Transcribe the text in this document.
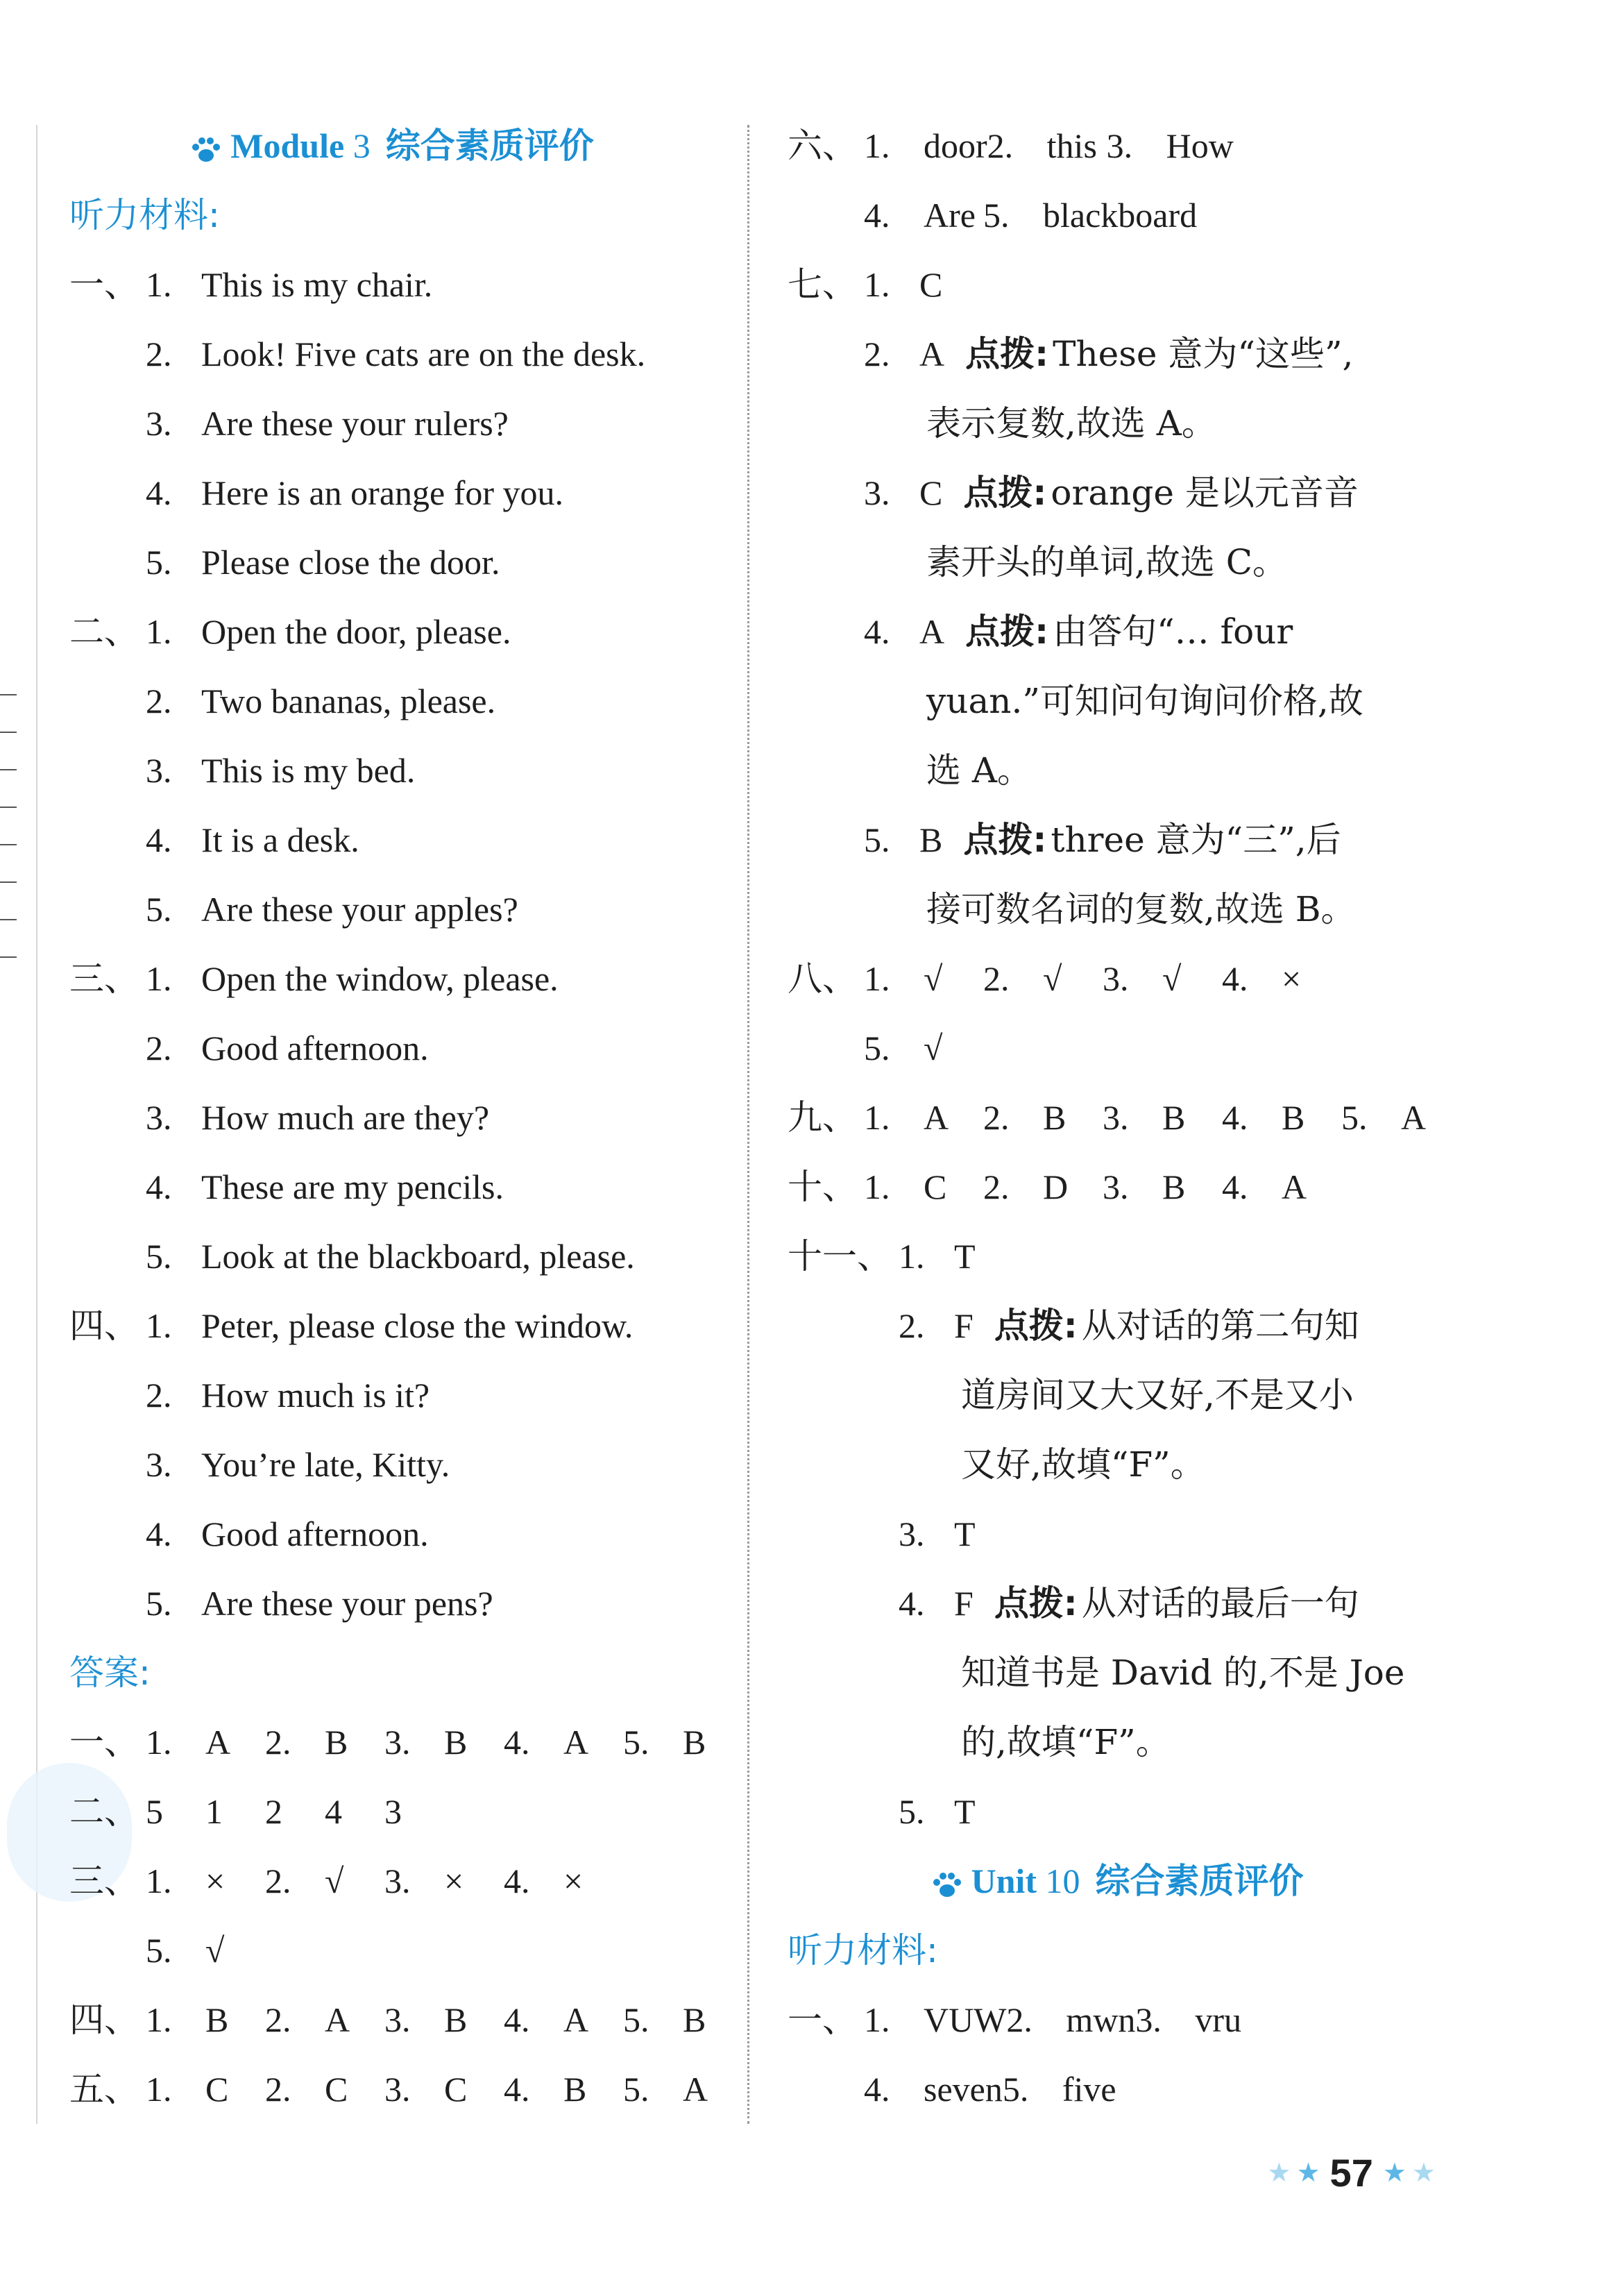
Module 3 综合素质评价
听力材料:
一、 1. This is my chair.
2. Look! Five cats are on the desk.
3. Are these your rulers?
4. Here is an orange for you.
5. Please close the door.
二、 1. Open the door, please.
2. Two bananas, please.
3. This is my bed.
4. It is a desk.
5. Are these your apples?
三、 1. Open the window, please.
2. Good afternoon.
3. How much are they?
4. These are my pencils.
5. Look at the blackboard, please.
四、 1. Peter, please close the window.
2. How much is it?
3. You’re late, Kitty.
4. Good afternoon.
5. Are these your pens?
答案:
一、 1. A 2. B 3. B 4. A 5. B
二、 5 1 2 4 3
三、 1. × 2. √ 3. × 4. ×
5. √
四、 1. B 2. A 3. B 4. A 5. B
五、 1. C 2. C 3. C 4. B 5. A
六、 1. door2. this 3. How
4. Are 5. blackboard
七、 1. C
2. A 点拨: These 意为“这些”,
表示复数,故选 A。
3. C 点拨: orange 是以元音音
素开头的单词,故选 C。
4. A 点拨: 由答句“… four
yuan.”可知问句询问价格,故
选 A。
5. B 点拨: three 意为“三”,后
接可数名词的复数,故选 B。
八、 1. √ 2. √ 3. √ 4. ×
5. √
九、 1. A 2. B 3. B 4. B 5. A
十、 1. C 2. D 3. B 4. A
十一、 1. T
2. F 点拨: 从对话的第二句知
道房间又大又好,不是又小
又好,故填“F”。
3. T
4. F 点拨: 从对话的最后一句
知道书是 David 的,不是 Joe
的,故填“F”。
5. T
Unit 10 综合素质评价
听力材料:
一、 1. VUW2. mwn3. vru
4. seven5. five
★ ★ 57 ★ ★
